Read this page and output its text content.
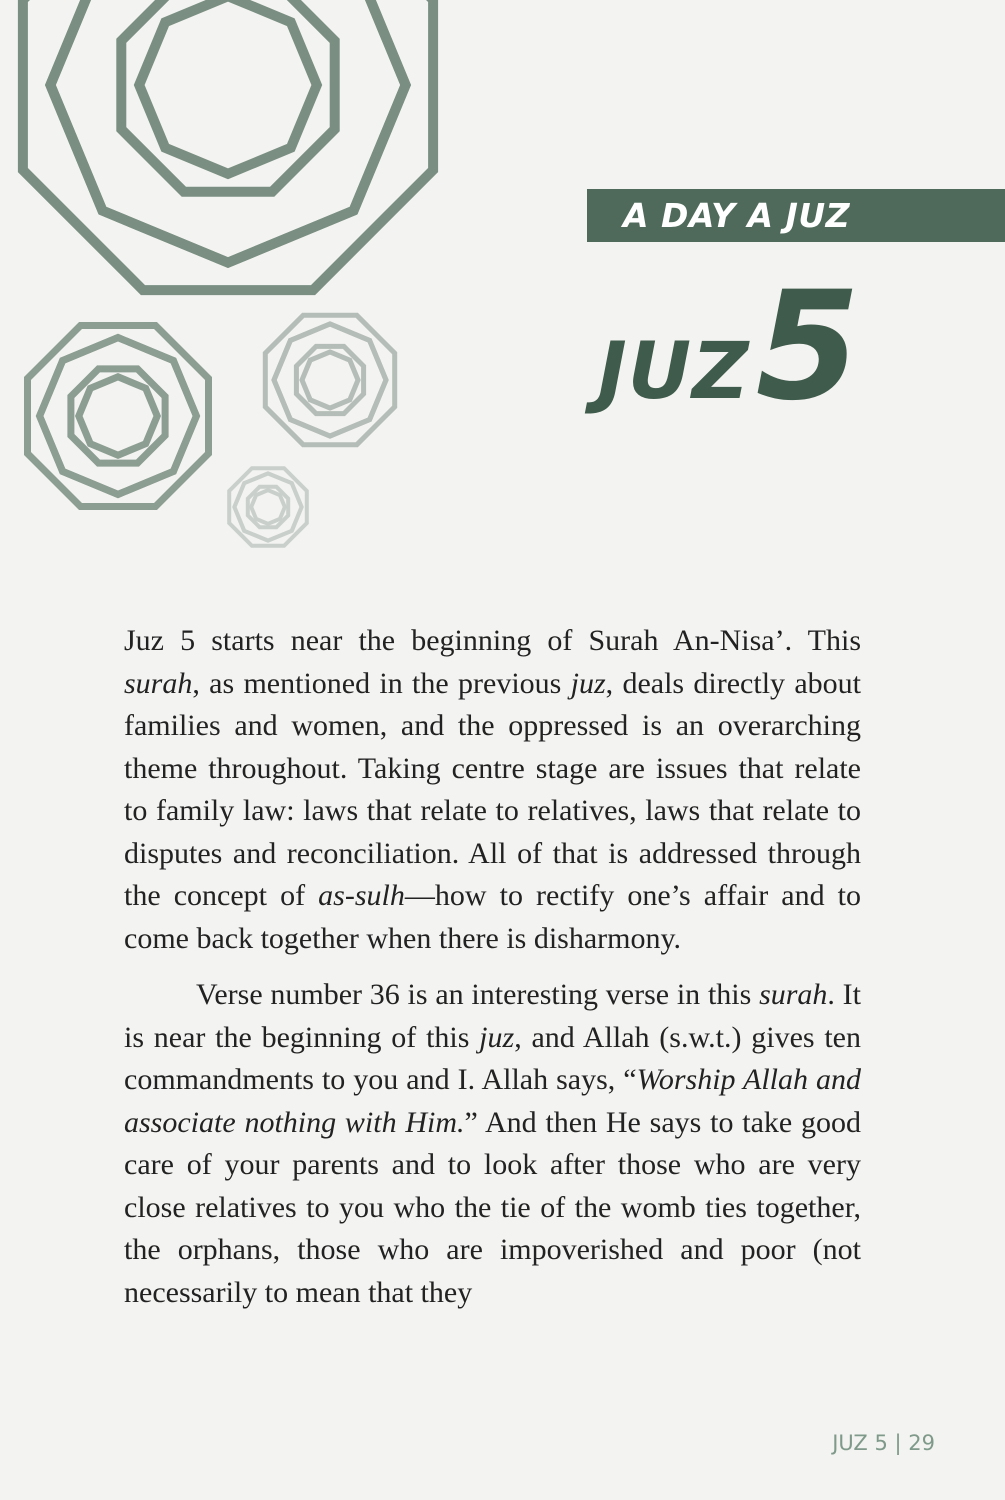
A DAY A JUZ
JUZ5

Juz 5 starts near the beginning of Surah An-Nisa’. This surah, as mentioned in the previous juz, deals directly about families and women, and the oppressed is an overarching theme throughout. Taking centre stage are issues that relate to family law: laws that relate to relatives, laws that relate to disputes and reconciliation. All of that is addressed through the concept of as-sulh—how to rectify one’s affair and to come back together when there is disharmony.

Verse number 36 is an interesting verse in this surah. It is near the beginning of this juz, and Allah (s.w.t.) gives ten commandments to you and I. Allah says, “Worship Allah and associate nothing with Him.” And then He says to take good care of your parents and to look after those who are very close relatives to you who the tie of the womb ties together, the orphans, those who are impoverished and poor (not necessarily to mean that they

JUZ 5 | 29
